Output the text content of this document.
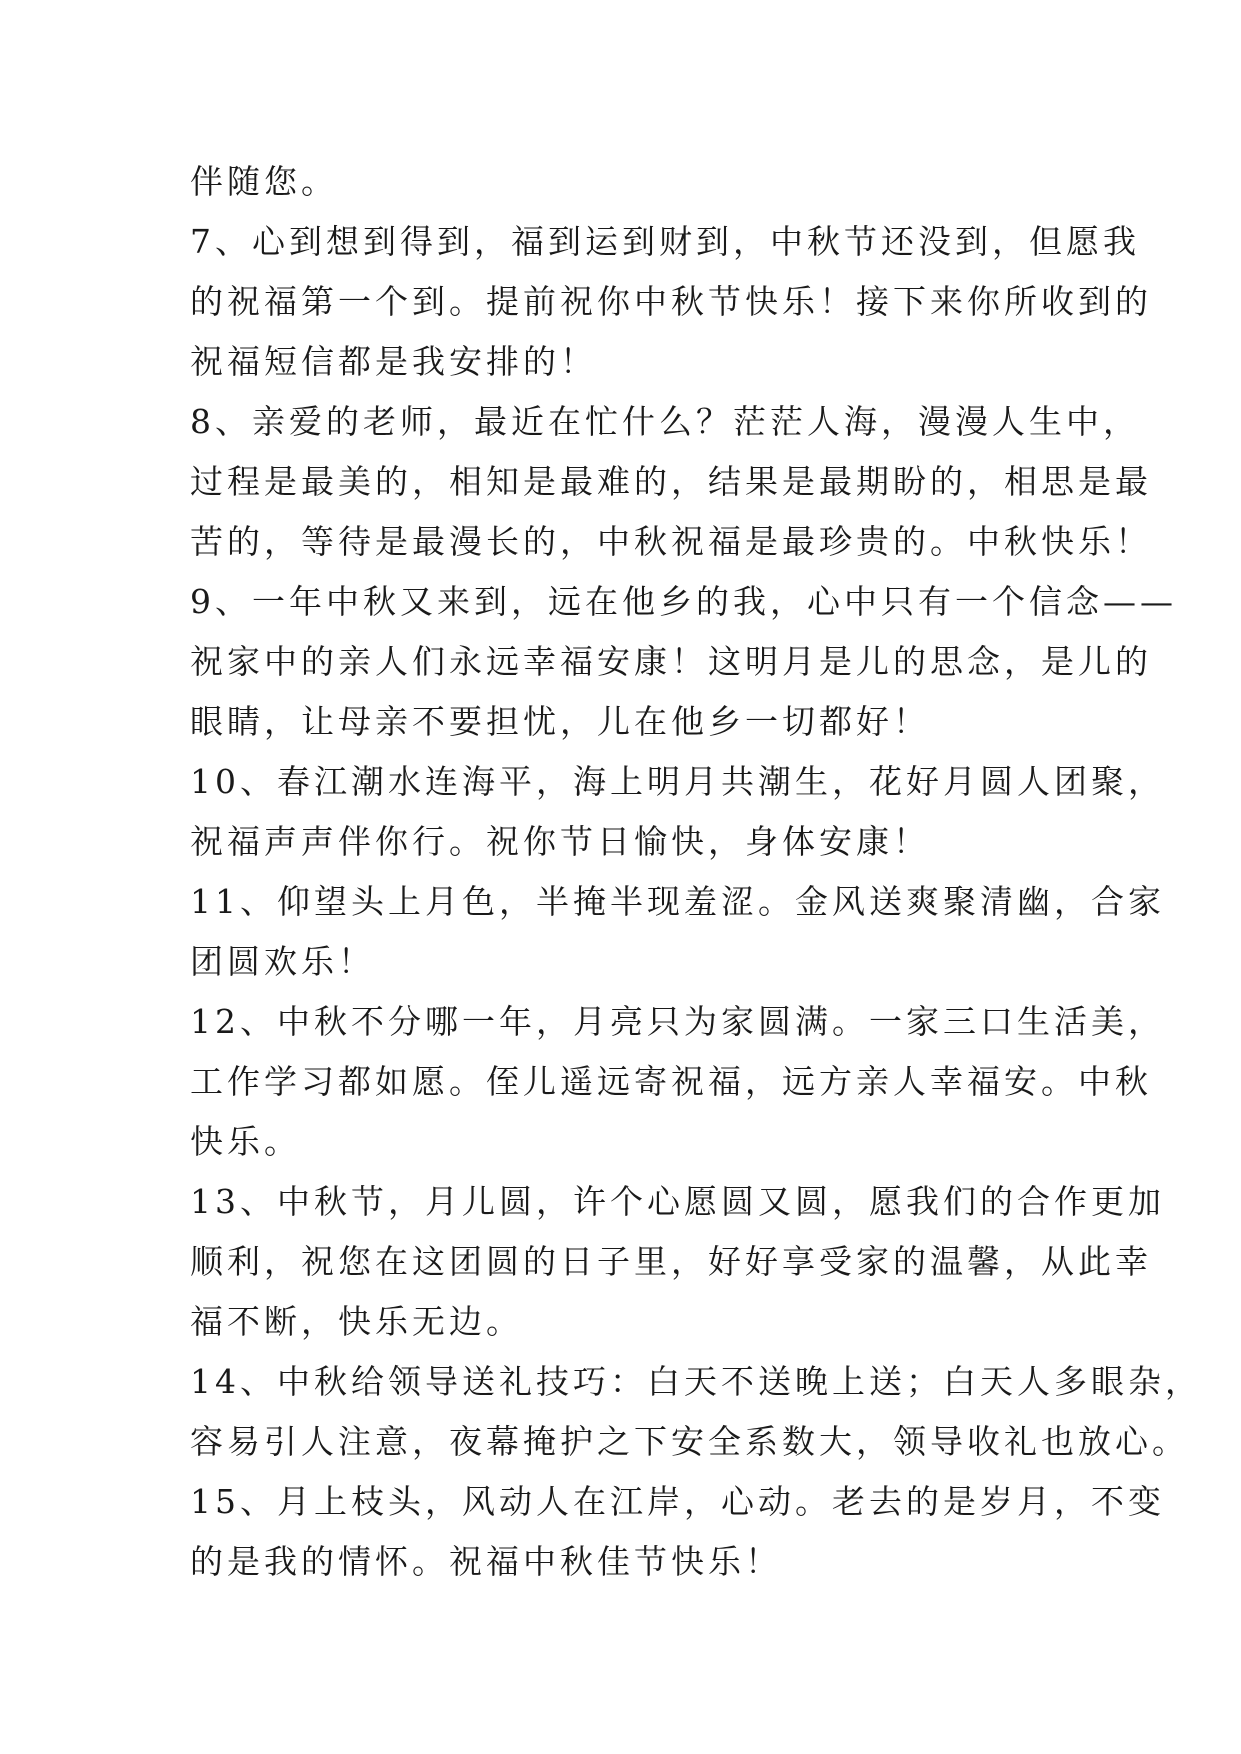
伴随您。
7、心到想到得到，福到运到财到，中秋节还没到，但愿我
的祝福第一个到。提前祝你中秋节快乐！接下来你所收到的
祝福短信都是我安排的！
8、亲爱的老师，最近在忙什么？茫茫人海，漫漫人生中，
过程是最美的，相知是最难的，结果是最期盼的，相思是最
苦的，等待是最漫长的，中秋祝福是最珍贵的。中秋快乐！
9、一年中秋又来到，远在他乡的我，心中只有一个信念——
祝家中的亲人们永远幸福安康！这明月是儿的思念，是儿的
眼睛，让母亲不要担忧，儿在他乡一切都好！
10、春江潮水连海平，海上明月共潮生，花好月圆人团聚，
祝福声声伴你行。祝你节日愉快，身体安康！
11、仰望头上月色，半掩半现羞涩。金风送爽聚清幽，合家
团圆欢乐！
12、中秋不分哪一年，月亮只为家圆满。一家三口生活美，
工作学习都如愿。侄儿遥远寄祝福，远方亲人幸福安。中秋
快乐。
13、中秋节，月儿圆，许个心愿圆又圆，愿我们的合作更加
顺利，祝您在这团圆的日子里，好好享受家的温馨，从此幸
福不断，快乐无边。
14、中秋给领导送礼技巧：白天不送晚上送；白天人多眼杂，
容易引人注意，夜幕掩护之下安全系数大，领导收礼也放心。
15、月上枝头，风动人在江岸，心动。老去的是岁月，不变
的是我的情怀。祝福中秋佳节快乐！
